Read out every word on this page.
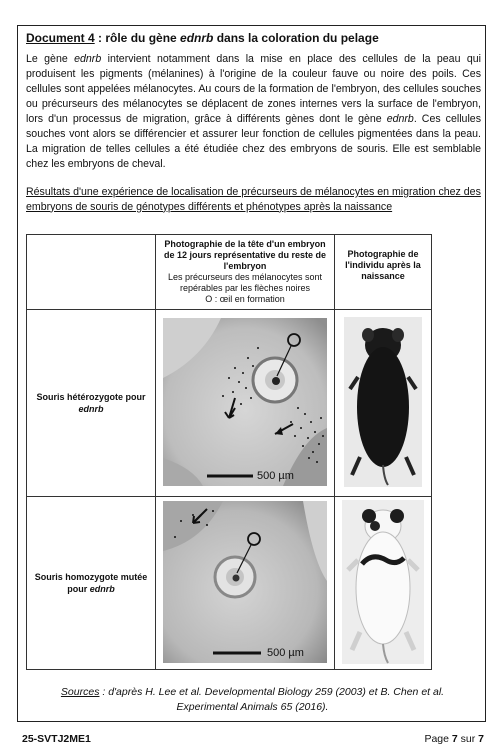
Document 4 : rôle du gène ednrb dans la coloration du pelage

Le gène ednrb intervient notamment dans la mise en place des cellules de la peau qui produisent les pigments (mélanines) à l'origine de la couleur fauve ou noire des poils. Ces cellules sont appelées mélanocytes. Au cours de la formation de l'embryon, des cellules souches ou précurseurs des mélanocytes se déplacent de zones internes vers la surface de l'embryon, lors d'un processus de migration, grâce à différents gènes dont le gène ednrb. Ces cellules souches vont alors se différencier et assurer leur fonction de cellules pigmentées dans la peau. La migration de telles cellules a été étudiée chez des embryons de souris. Elle est semblable chez les embryons de cheval.

Résultats d'une expérience de localisation de précurseurs de mélanocytes en migration chez des embryons de souris de génotypes différents et phénotypes après la naissance

	Photographie de la tête d'un embryon de 12 jours représentative du reste de l'embryon
Les précurseurs des mélanocytes sont repérables par les flèches noires
O : œil en formation	Photographie de l'individu après la naissance

Souris hétérozygote pour ednrb	500 µm

Souris homozygote mutée pour ednrb	500 µm

Sources : d'après H. Lee et al. Developmental Biology 259 (2003) et B. Chen et al. Experimental Animals 65 (2016).
25-SVTJ2ME1	Page 7 sur 7
